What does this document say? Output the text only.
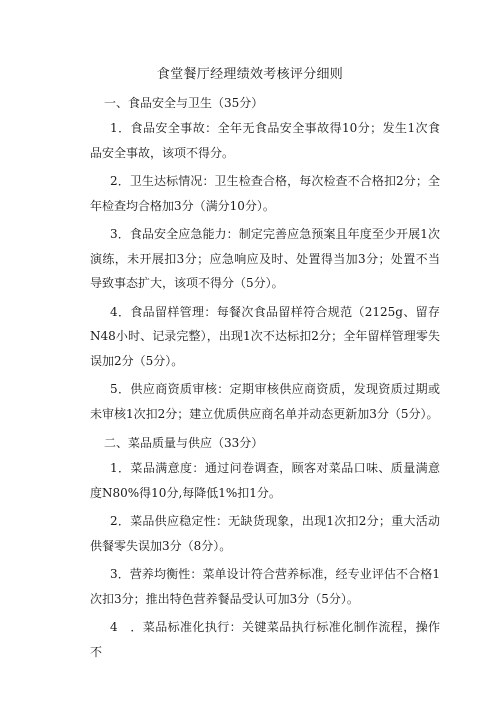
食堂餐厅经理绩效考核评分细则
一、食品安全与卫生（35分）
1．食品安全事故：全年无食品安全事故得10分；发生1次食品安全事故，该项不得分。
2．卫生达标情况：卫生检查合格，每次检查不合格扣2分；全年检查均合格加3分（满分10分）。
3．食品安全应急能力：制定完善应急预案且年度至少开展1次演练，未开展扣3分；应急响应及时、处置得当加3分；处置不当导致事态扩大，该项不得分（5分）。
4．食品留样管理：每餐次食品留样符合规范（2125g、留存N48小时、记录完整），出现1次不达标扣2分；全年留样管理零失误加2分（5分）。
5．供应商资质审核：定期审核供应商资质，发现资质过期或未审核1次扣2分；建立优质供应商名单并动态更新加3分（5分）。
二、菜品质量与供应（33分）
1．菜品满意度：通过问卷调查，顾客对菜品口味、质量满意度N80%得10分,每降低1%扣1分。
2．菜品供应稳定性：无缺货现象，出现1次扣2分；重大活动供餐零失误加3分（8分）。
3．营养均衡性：菜单设计符合营养标准，经专业评估不合格1次扣3分；推出特色营养餐品受认可加3分（5分）。
4　．菜品标准化执行：关键菜品执行标准化制作流程，操作不
